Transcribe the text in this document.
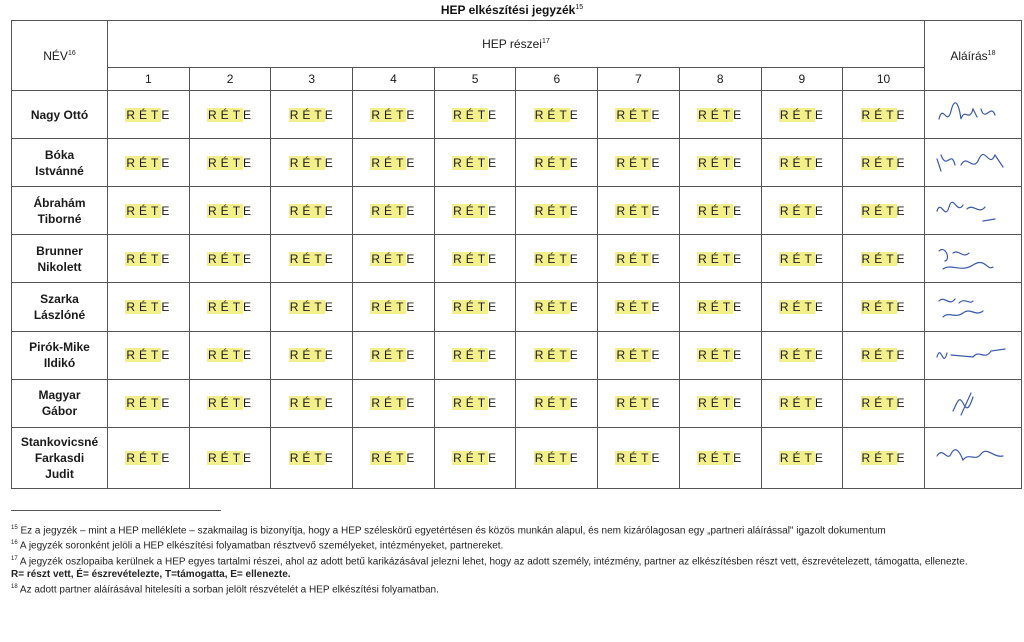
HEP elkészítési jegyzék$^{15}$
NÉV$^{16}$	HEP részei$^{17}$										Aláírás$^{18}$
	1	2	3	4	5	6	7	8	9	10	
Nagy Ottó	R É TE	R É TE	R É TE	R É TE	R É TE	R É TE	R É TE	R É TE	R É TE	R É TE	

Bóka
Istvánné	R É TE	R É TE	R É TE	R É TE	R É TE	R É TE	R É TE	R É TE	R É TE	R É TE	

Ábrahám
Tiborné	R É TE	R É TE	R É TE	R É TE	R É TE	R É TE	R É TE	R É TE	R É TE	R É TE	

Brunner
Nikolett	R É TE	R É TE	R É TE	R É TE	R É TE	R É TE	R É TE	R É TE	R É TE	R É TE	

Szarka
Lászlóné	R É TE	R É TE	R É TE	R É TE	R É TE	R É TE	R É TE	R É TE	R É TE	R É TE	

Pirók-Mike
Ildikó	R É TE	R É TE	R É TE	R É TE	R É TE	R É TE	R É TE	R É TE	R É TE	R É TE	

Magyar
Gábor	R É TE	R É TE	R É TE	R É TE	R É TE	R É TE	R É TE	R É TE	R É TE	R É TE	

Stankovicsné
Farkasdi
Judit	R É TE	R É TE	R É TE	R É TE	R É TE	R É TE	R É TE	R É TE	R É TE	R É TE	

$^{15}$ Ez a jegyzék – mint a HEP melléklete – szakmailag is bizonyítja, hogy a HEP széleskörű egyetértésen és közös munkán alapul, és nem kizárólagosan egy „partneri aláírással" igazolt dokumentum

$^{16}$ A jegyzék soronként jelöli a HEP elkészítési folyamatban résztvevő személyeket, intézményeket, partnereket.

$^{17}$ A jegyzék oszlopaiba kerülnek a HEP egyes tartalmi részei, ahol az adott betű karikázásával jelezni lehet, hogy az adott személy, intézmény, partner az elkészítésben részt vett, észrevételezett, támogatta, ellenezte.

R= részt vett, É= észrevételezte, T=támogatta, E= ellenezte.

$^{18}$ Az adott partner aláírásával hitelesíti a sorban jelölt részvételét a HEP elkészítési folyamatban.
